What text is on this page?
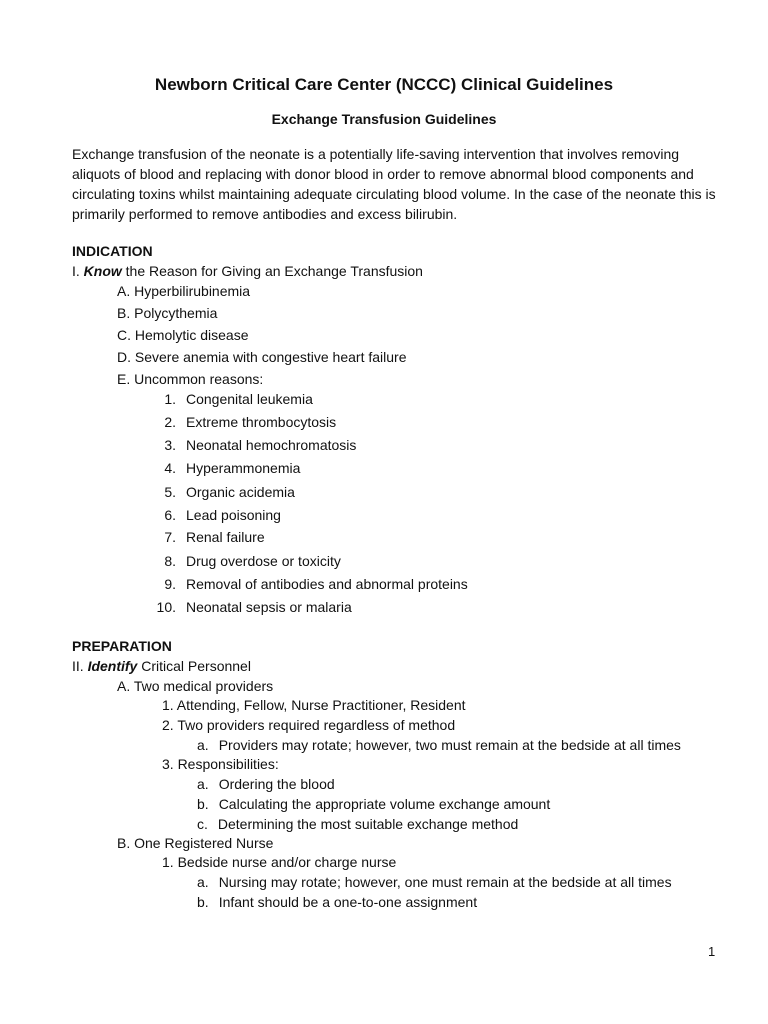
Newborn Critical Care Center (NCCC) Clinical Guidelines
Exchange Transfusion Guidelines
Exchange transfusion of the neonate is a potentially life-saving intervention that involves removing
aliquots of blood and replacing with donor blood in order to remove abnormal blood components and
circulating toxins whilst maintaining adequate circulating blood volume. In the case of the neonate this is
primarily performed to remove antibodies and excess bilirubin.
INDICATION
I. Know the Reason for Giving an Exchange Transfusion
A. Hyperbilirubinemia
B. Polycythemia
C. Hemolytic disease
D. Severe anemia with congestive heart failure
E. Uncommon reasons:
1. Congenital leukemia
2. Extreme thrombocytosis
3. Neonatal hemochromatosis
4. Hyperammonemia
5. Organic acidemia
6. Lead poisoning
7. Renal failure
8. Drug overdose or toxicity
9. Removal of antibodies and abnormal proteins
10. Neonatal sepsis or malaria
PREPARATION
II. Identify Critical Personnel
A. Two medical providers
1. Attending, Fellow, Nurse Practitioner, Resident
2. Two providers required regardless of method
a. Providers may rotate; however, two must remain at the bedside at all times
3. Responsibilities:
a. Ordering the blood
b. Calculating the appropriate volume exchange amount
c. Determining the most suitable exchange method
B. One Registered Nurse
1. Bedside nurse and/or charge nurse
a. Nursing may rotate; however, one must remain at the bedside at all times
b. Infant should be a one-to-one assignment
1
